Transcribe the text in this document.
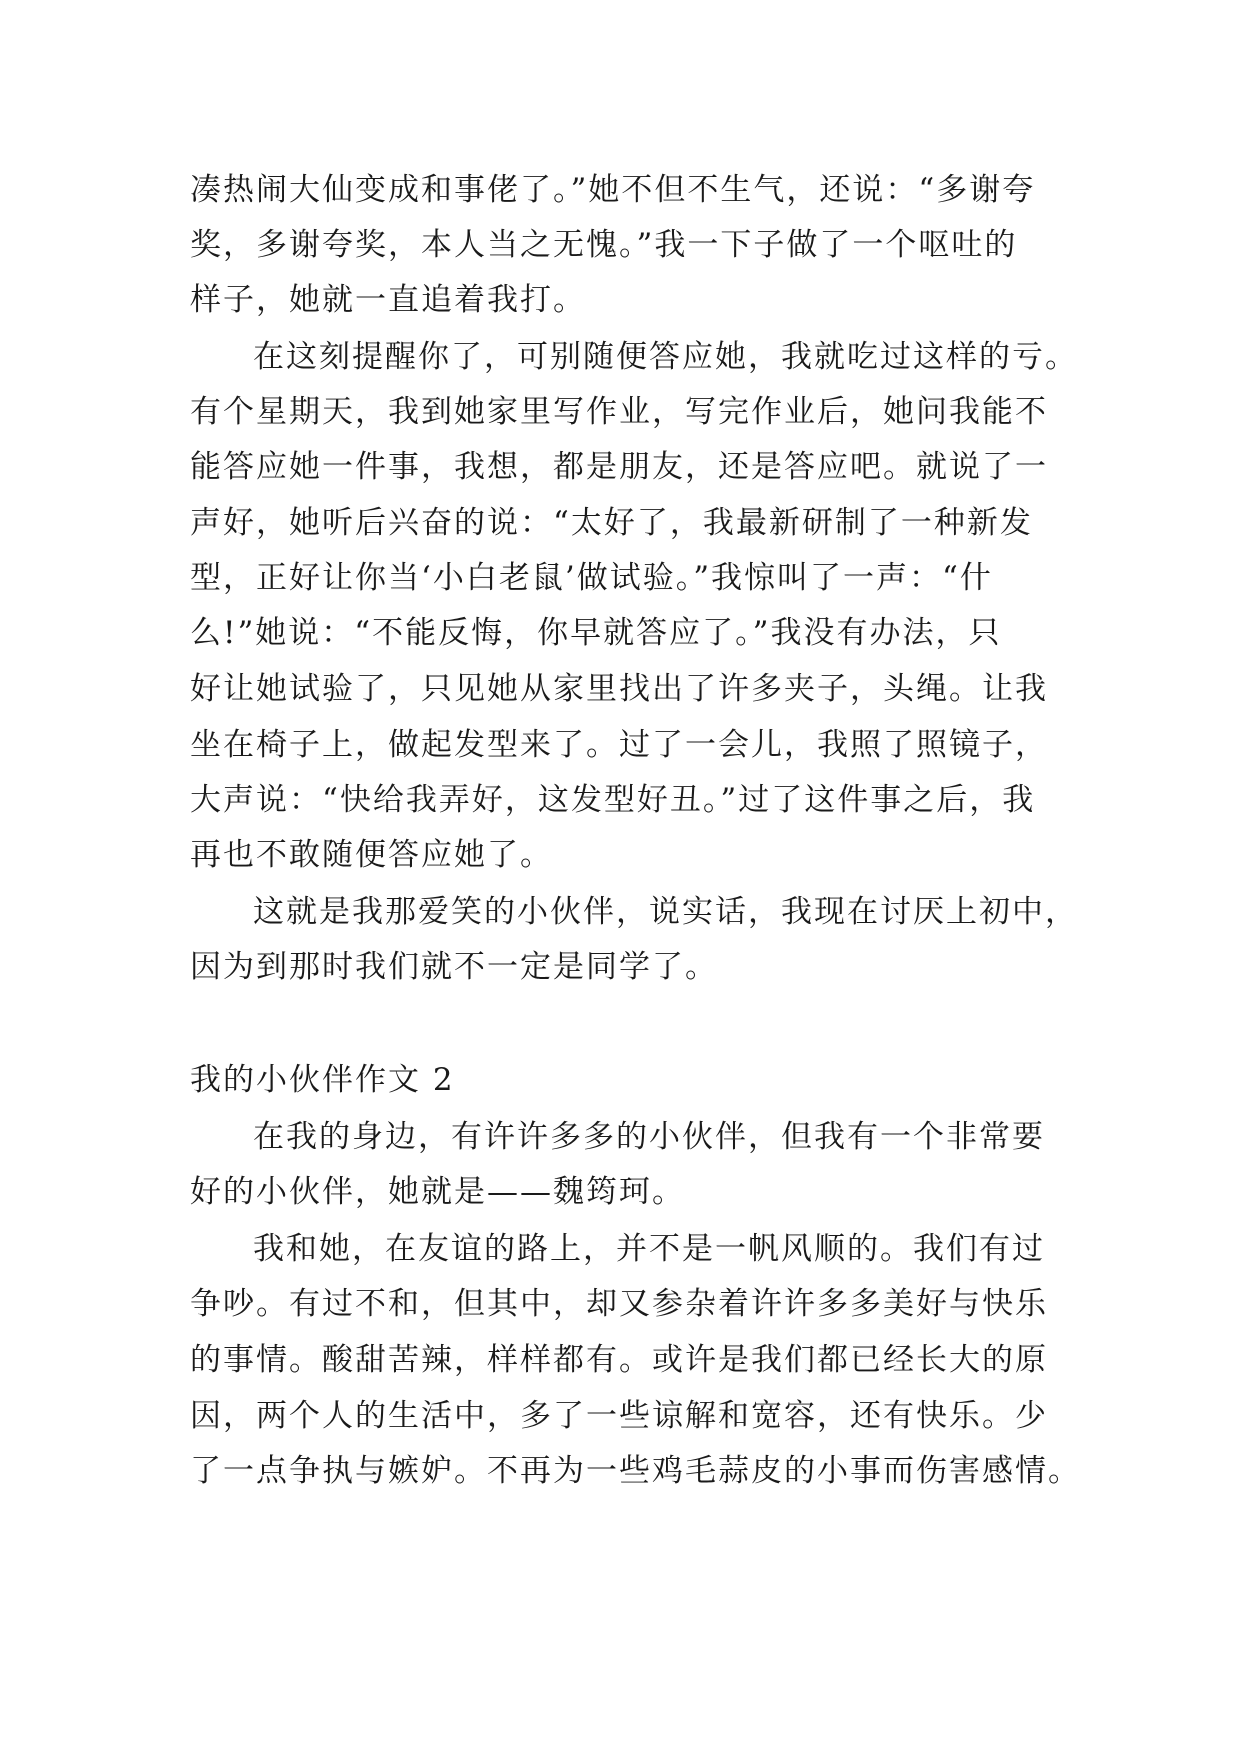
凑热闹大仙变成和事佬了。”她不但不生气，还说：“多谢夸
奖，多谢夸奖，本人当之无愧。”我一下子做了一个呕吐的
样子，她就一直追着我打。
在这刻提醒你了，可别随便答应她，我就吃过这样的亏。
有个星期天，我到她家里写作业，写完作业后，她问我能不
能答应她一件事，我想，都是朋友，还是答应吧。就说了一
声好，她听后兴奋的说：“太好了，我最新研制了一种新发
型，正好让你当‘小白老鼠’做试验。”我惊叫了一声：“什
么!”她说：“不能反悔，你早就答应了。”我没有办法，只
好让她试验了，只见她从家里找出了许多夹子，头绳。让我
坐在椅子上，做起发型来了。过了一会儿，我照了照镜子，
大声说：“快给我弄好，这发型好丑。”过了这件事之后，我
再也不敢随便答应她了。
这就是我那爱笑的小伙伴，说实话，我现在讨厌上初中，
因为到那时我们就不一定是同学了。
我的小伙伴作文 2
在我的身边，有许许多多的小伙伴，但我有一个非常要
好的小伙伴，她就是——魏筠珂。
我和她，在友谊的路上，并不是一帆风顺的。我们有过
争吵。有过不和，但其中，却又参杂着许许多多美好与快乐
的事情。酸甜苦辣，样样都有。或许是我们都已经长大的原
因，两个人的生活中，多了一些谅解和宽容，还有快乐。少
了一点争执与嫉妒。不再为一些鸡毛蒜皮的小事而伤害感情。
